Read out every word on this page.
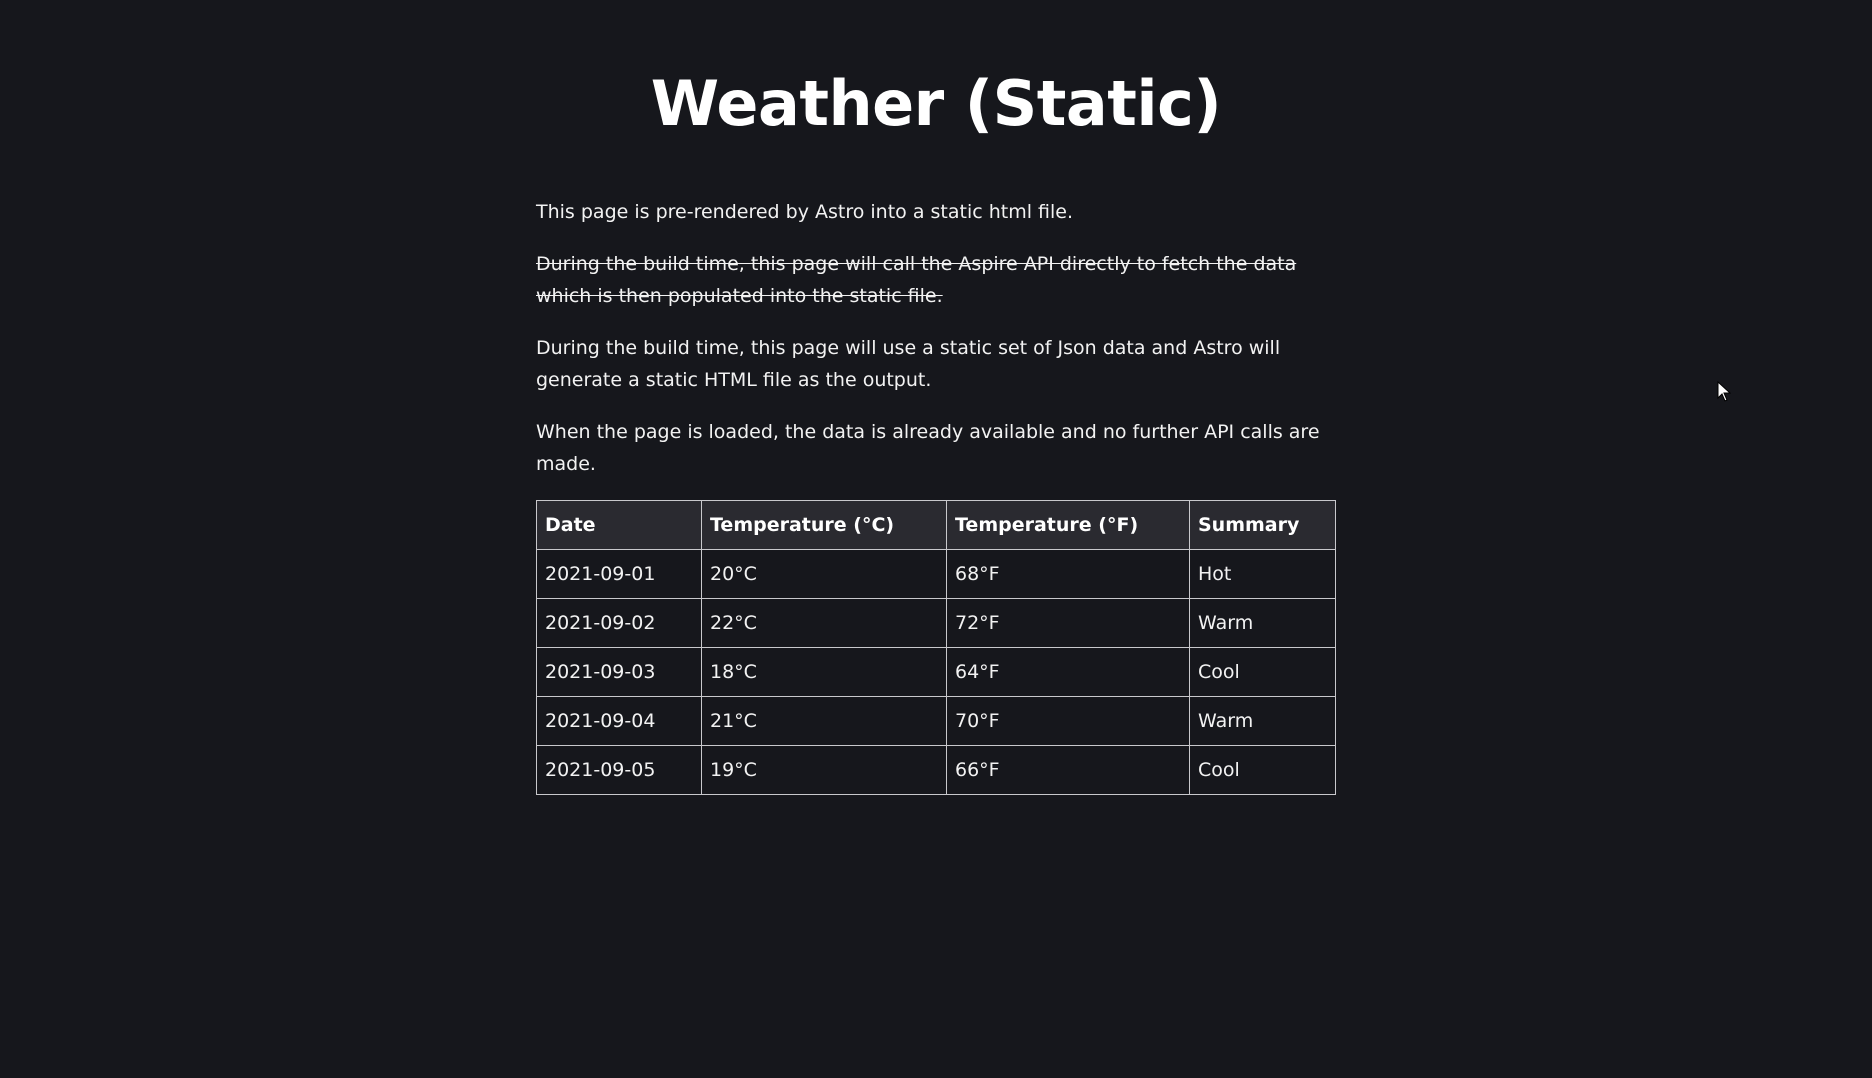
Weather (Static)

This page is pre-rendered by Astro into a static html file.

During the build time, this page will call the Aspire API directly to fetch the data which is then populated into the static file.

During the build time, this page will use a static set of Json data and Astro will generate a static HTML file as the output.

When the page is loaded, the data is already available and no further API calls are made.

Date	Temperature (°C)	Temperature (°F)	Summary
2021-09-01	20°C	68°F	Hot
2021-09-02	22°C	72°F	Warm
2021-09-03	18°C	64°F	Cool
2021-09-04	21°C	70°F	Warm
2021-09-05	19°C	66°F	Cool
